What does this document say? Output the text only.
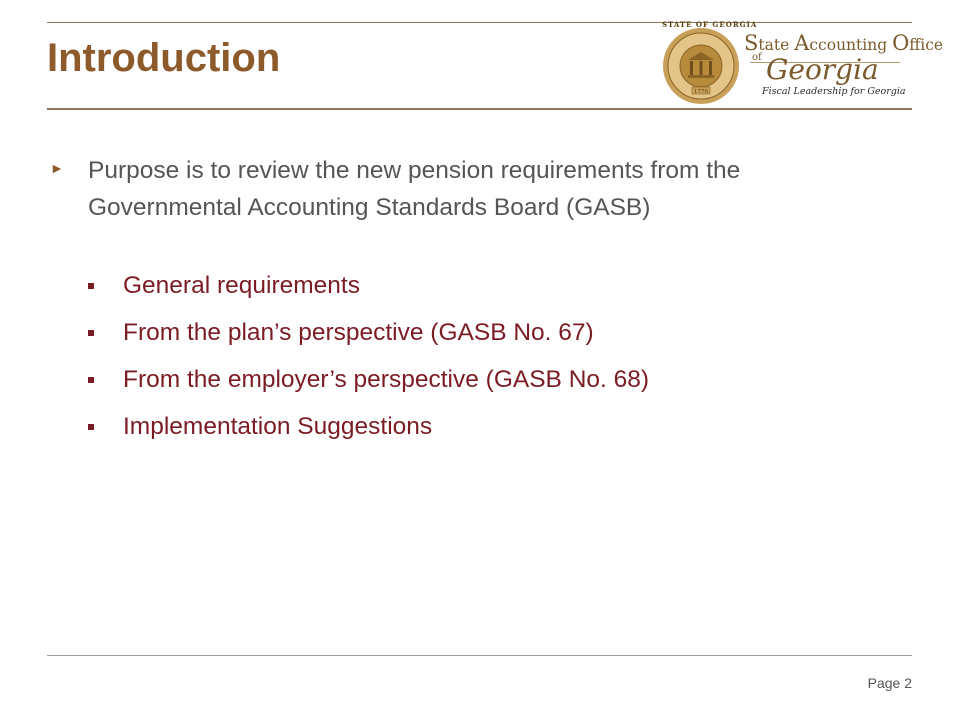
Introduction
STATE OF GEORGIA
1776
State Accounting Office
of Georgia
Fiscal Leadership for Georgia
► Purpose is to review the new pension requirements from the Governmental Accounting Standards Board (GASB)
General requirements
From the plan’s perspective (GASB No. 67)
From the employer’s perspective (GASB No. 68)
Implementation Suggestions
Page 2
